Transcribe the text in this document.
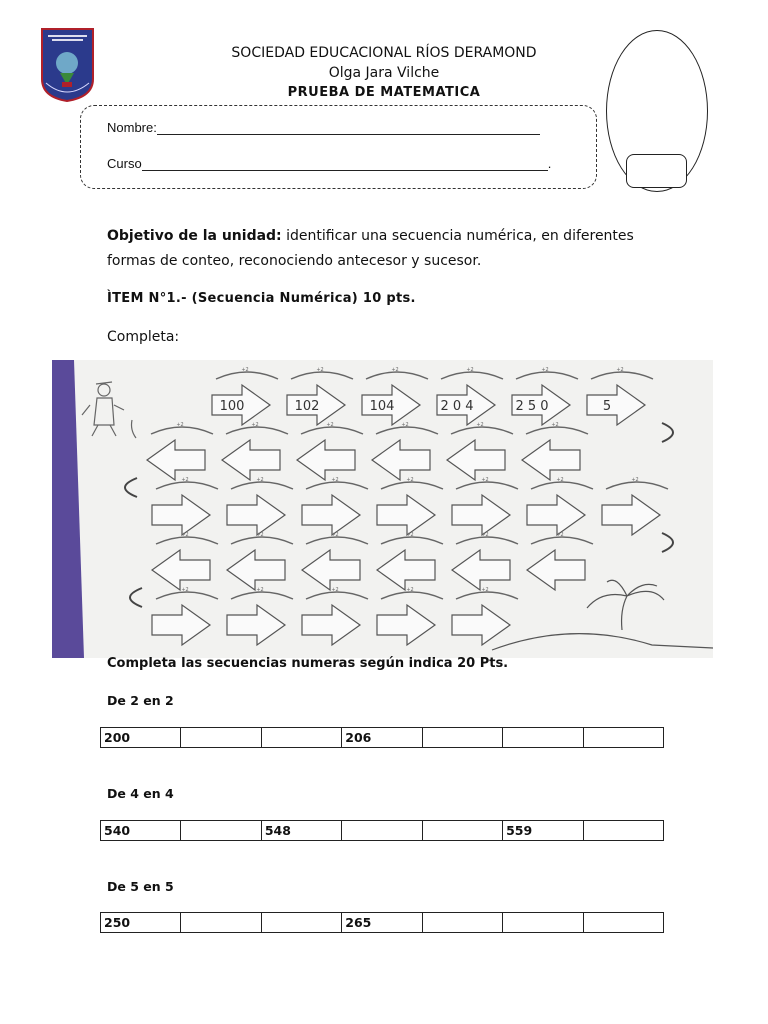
SOCIEDAD EDUCACIONAL RÍOS DERAMOND
Olga Jara Vilche
PRUEBA DE MATEMATICA
Nombre:
Curso	.
Objetivo de la unidad: identificar una secuencia numérica, en diferentes
formas de conteo, reconociendo antecesor y sucesor.
ÌTEM N°1.- (Secuencia Numérica) 10 pts.
Completa:
+2
100
+2
102
+2
104
+2
2 0 4
+2
2 5 0
+2
5
+2	+2	+2	+2	+2	+2
+2	+2	+2	+2	+2	+2	+2
+2	+2	+2	+2	+2	+2
+2	+2	+2	+2	+2
Completa las secuencias numeras según indica 20 Pts.
De 2 en 2
200			206			
De 4 en 4
540		548			559	
De 5 en 5
250			265			
